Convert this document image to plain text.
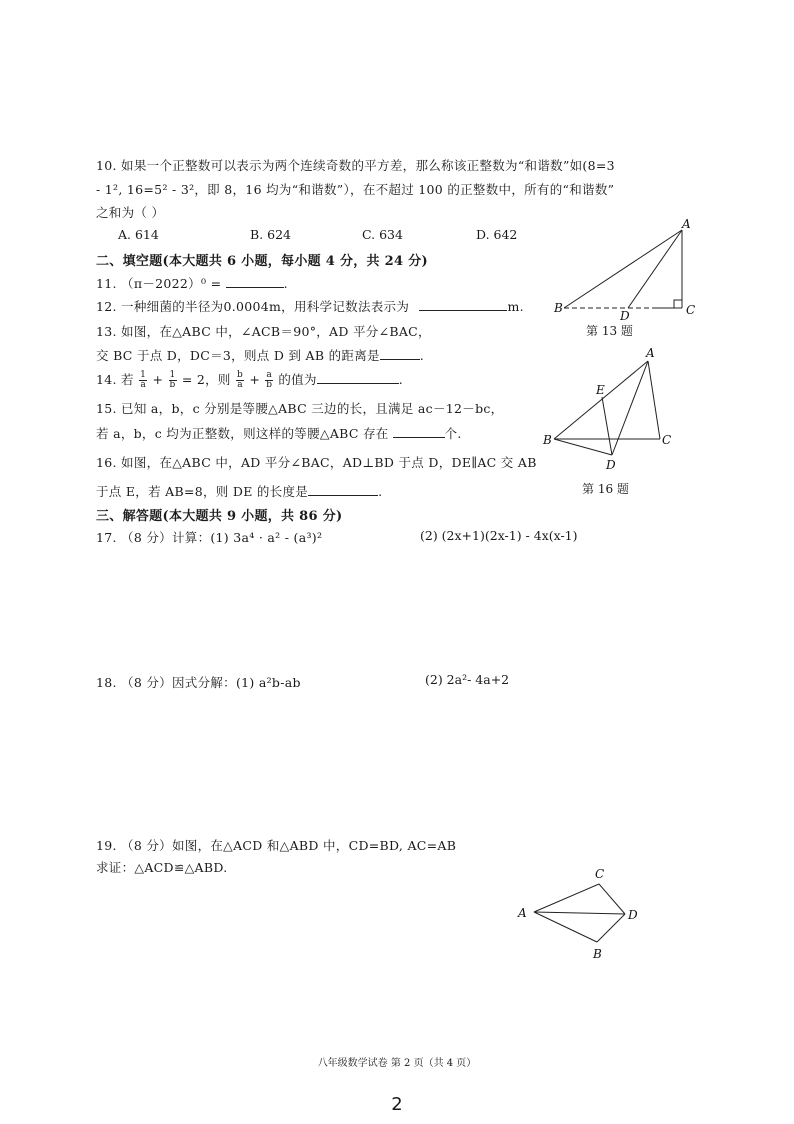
10. 如果一个正整数可以表示为两个连续奇数的平方差，那么称该正整数为“和谐数”如(8=3
- 1², 16=5² - 3²，即 8，16 均为“和谐数”），在不超过 100 的正整数中，所有的“和谐数”
之和为（ ）
A. 614	B. 624	C. 634	D. 642
二、填空题(本大题共 6 小题，每小题 4 分，共 24 分)
11. （π－2022）⁰ =	.
12. 一种细菌的半径为0.0004m，用科学记数法表示为	m.
13. 如图，在△ABC 中，∠ACB＝90°，AD 平分∠BAC，
交 BC 于点 D，DC＝3，则点 D 到 AB 的距离是	.
14. 若 $\frac{1}{a} + \frac{1}{b} = 2$，则 $\frac{b}{a} + \frac{a}{b}$ 的值为	.
15. 已知 a，b，c 分别是等腰△ABC 三边的长，且满足 ac－12－bc，
若 a，b，c 均为正整数，则这样的等腰△ABC 存在	个.
16. 如图，在△ABC 中，AD 平分∠BAC，AD⊥BD 于点 D，DE∥AC 交 AB
于点 E，若 AB=8，则 DE 的长度是	.
三、解答题(本大题共 9 小题，共 86 分)
17. （8 分）计算：(1) 3a⁴ · a² - (a³)²	(2) (2x+1)(2x-1) - 4x(x-1)
18. （8 分）因式分解：(1) a²b-ab	(2) 2a²- 4a+2
19. （8 分）如图，在△ACD 和△ABD 中，CD=BD, AC=AB
求证：△ACD≌△ABD.
A
B
D	C
第 13 题
A
E
B	C
D
第 16 题
C
A	D
B
八年级数学试卷 第 2 页（共 4 页）
2
